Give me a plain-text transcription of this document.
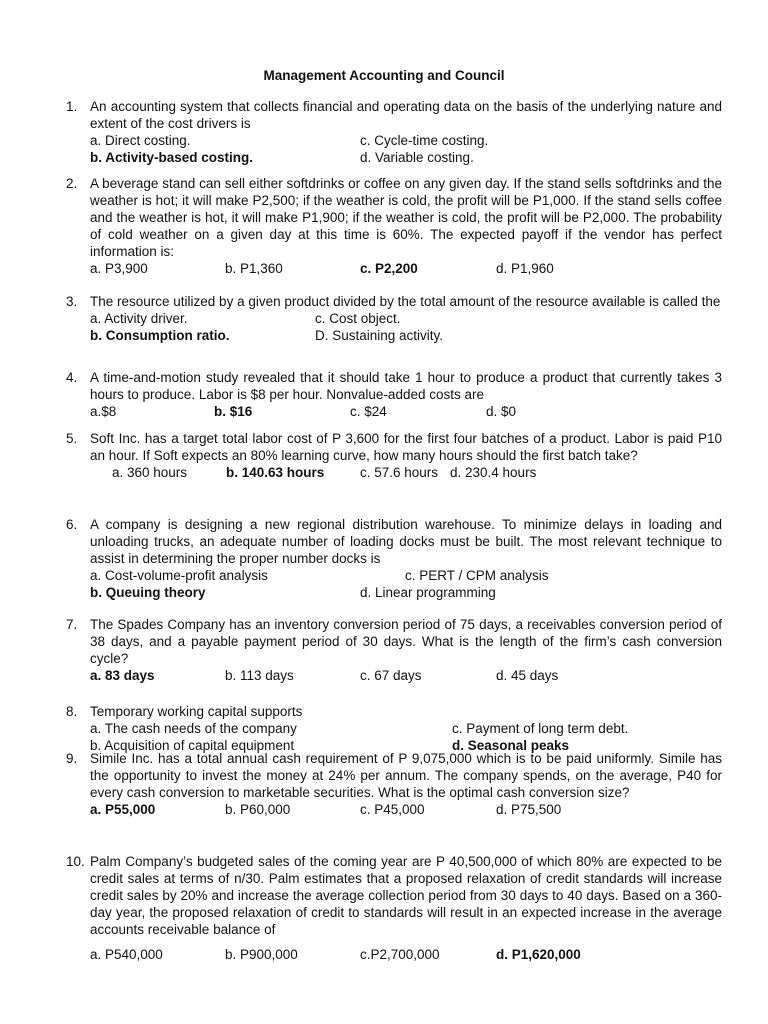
Management Accounting and Council
1. An accounting system that collects financial and operating data on the basis of the underlying nature and extent of the cost drivers is
a. Direct costing.	c. Cycle-time costing.
b. Activity-based costing.	d. Variable costing.
2. A beverage stand can sell either softdrinks or coffee on any given day. If the stand sells softdrinks and the weather is hot; it will make P2,500; if the weather is cold, the profit will be P1,000. If the stand sells coffee and the weather is hot, it will make P1,900; if the weather is cold, the profit will be P2,000. The probability of cold weather on a given day at this time is 60%. The expected payoff if the vendor has perfect information is:
a. P3,900	b. P1,360	c. P2,200	d. P1,960
3. The resource utilized by a given product divided by the total amount of the resource available is called the
a. Activity driver.	c. Cost object.
b. Consumption ratio.	D. Sustaining activity.
4. A time-and-motion study revealed that it should take 1 hour to produce a product that currently takes 3 hours to produce. Labor is $8 per hour. Nonvalue-added costs are
a.$8	b. $16	c. $24	d. $0
5. Soft Inc. has a target total labor cost of P 3,600 for the first four batches of a product. Labor is paid P10 an hour. If Soft expects an 80% learning curve, how many hours should the first batch take?
a. 360 hours	b. 140.63 hours	c. 57.6 hours d. 230.4 hours
6. A company is designing a new regional distribution warehouse. To minimize delays in loading and unloading trucks, an adequate number of loading docks must be built. The most relevant technique to assist in determining the proper number docks is
a. Cost-volume-profit analysis	c. PERT / CPM analysis
b. Queuing theory	d. Linear programming
7. The Spades Company has an inventory conversion period of 75 days, a receivables conversion period of 38 days, and a payable payment period of 30 days. What is the length of the firm’s cash conversion cycle?
a. 83 days	b. 113 days	c. 67 days	d. 45 days
8. Temporary working capital supports
a. The cash needs of the company	c. Payment of long term debt.
b. Acquisition of capital equipment	d. Seasonal peaks
9. Simile Inc. has a total annual cash requirement of P 9,075,000 which is to be paid uniformly. Simile has the opportunity to invest the money at 24% per annum. The company spends, on the average, P40 for every cash conversion to marketable securities. What is the optimal cash conversion size?
a. P55,000	b. P60,000	c. P45,000	d. P75,500
10. Palm Company’s budgeted sales of the coming year are P 40,500,000 of which 80% are expected to be credit sales at terms of n/30. Palm estimates that a proposed relaxation of credit standards will increase credit sales by 20% and increase the average collection period from 30 days to 40 days. Based on a 360-day year, the proposed relaxation of credit to standards will result in an expected increase in the average accounts receivable balance of
a. P540,000	b. P900,000	c.P2,700,000	d. P1,620,000
